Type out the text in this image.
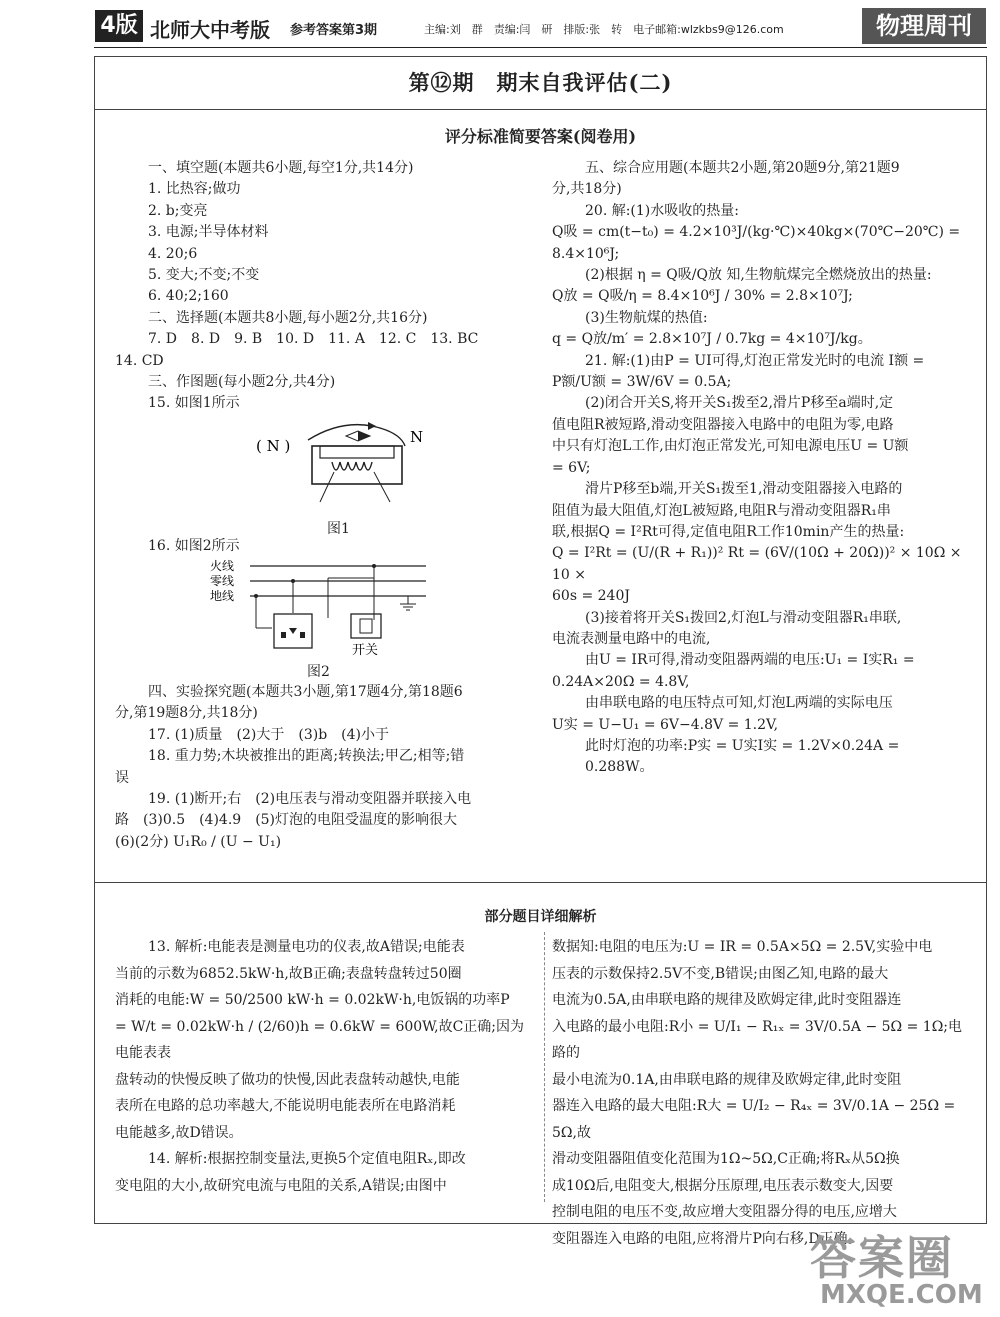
4版 北师大中考版 参考答案第3期	主编:刘　群　责编:闫　研　排版:张　转　电子邮箱:wlzkbs9@126.com	物理周刊
第⑫期　期末自我评估(二)
评分标准简要答案(阅卷用)

一、填空题(本题共6小题,每空1分,共14分)

1. 比热容;做功

2. b;变亮

3. 电源;半导体材料

4. 20;6

5. 变大;不变;不变

6. 40;2;160

二、选择题(本题共8小题,每小题2分,共16分)

7. D　8. D　9. B　10. D　11. A　12. C　13. BC

14. CD

三、作图题(每小题2分,共4分)

15. 如图1所示

( N )	N
图1
16. 如图2所示
火线
零线
地线
开关
图2

四、实验探究题(本题共3小题,第17题4分,第18题6

分,第19题8分,共18分)

17. (1)质量　(2)大于　(3)b　(4)小于

18. 重力势;木块被推出的距离;转换法;甲乙;相等;错

误

19. (1)断开;右　(2)电压表与滑动变阻器并联接入电

路　(3)0.5　(4)4.9　(5)灯泡的电阻受温度的影响很大

(6)(2分) U₁R₀ / (U − U₁)

五、综合应用题(本题共2小题,第20题9分,第21题9

分,共18分)

20. 解:(1)水吸收的热量:

Q吸 = cm(t−t₀) = 4.2×10³J/(kg·℃)×40kg×(70℃−20℃) =

8.4×10⁶J;

(2)根据 η = Q吸/Q放 知,生物航煤完全燃烧放出的热量:

Q放 = Q吸/η = 8.4×10⁶J / 30% = 2.8×10⁷J;

(3)生物航煤的热值:

q = Q放/m′ = 2.8×10⁷J / 0.7kg = 4×10⁷J/kg。

21. 解:(1)由P = UI可得,灯泡正常发光时的电流 I额 =

P额/U额 = 3W/6V = 0.5A;

(2)闭合开关S,将开关S₁拨至2,滑片P移至a端时,定

值电阻R被短路,滑动变阻器接入电路中的电阻为零,电路

中只有灯泡L工作,由灯泡正常发光,可知电源电压U = U额

= 6V;

滑片P移至b端,开关S₁拨至1,滑动变阻器接入电路的

阻值为最大阻值,灯泡L被短路,电阻R与滑动变阻器R₁串

联,根据Q = I²Rt可得,定值电阻R工作10min产生的热量:

Q = I²Rt = (U/(R + R₁))² Rt = (6V/(10Ω + 20Ω))² × 10Ω × 10 ×

60s = 240J

(3)接着将开关S₁拨回2,灯泡L与滑动变阻器R₁串联,

电流表测量电路中的电流,

由U = IR可得,滑动变阻器两端的电压:U₁ = I实R₁ =

0.24A×20Ω = 4.8V,

由串联电路的电压特点可知,灯泡L两端的实际电压

U实 = U−U₁ = 6V−4.8V = 1.2V,

此时灯泡的功率:P实 = U实I实 = 1.2V×0.24A = 0.288W。

部分题目详细解析

13. 解析:电能表是测量电功的仪表,故A错误;电能表

当前的示数为6852.5kW·h,故B正确;表盘转盘转过50圈

消耗的电能:W = 50/2500 kW·h = 0.02kW·h,电饭锅的功率P

= W/t = 0.02kW·h / (2/60)h = 0.6kW = 600W,故C正确;因为电能表表

盘转动的快慢反映了做功的快慢,因此表盘转动越快,电能

表所在电路的总功率越大,不能说明电能表所在电路消耗

电能越多,故D错误。

14. 解析:根据控制变量法,更换5个定值电阻Rₓ,即改

变电阻的大小,故研究电流与电阻的关系,A错误;由图中

数据知:电阻的电压为:U = IR = 0.5A×5Ω = 2.5V,实验中电

压表的示数保持2.5V不变,B错误;由图乙知,电路的最大

电流为0.5A,由串联电路的规律及欧姆定律,此时变阻器连

入电路的最小电阻:R小 = U/I₁ − R₁ₓ = 3V/0.5A − 5Ω = 1Ω;电路的

最小电流为0.1A,由串联电路的规律及欧姆定律,此时变阻

器连入电路的最大电阻:R大 = U/I₂ − R₄ₓ = 3V/0.1A − 25Ω = 5Ω,故

滑动变阻器阻值变化范围为1Ω~5Ω,C正确;将Rₓ从5Ω换

成10Ω后,电阻变大,根据分压原理,电压表示数变大,因要

控制电阻的电压不变,故应增大变阻器分得的电压,应增大

变阻器连入电路的电阻,应将滑片P向右移,D正确。

答案圈
MXQE.COM
